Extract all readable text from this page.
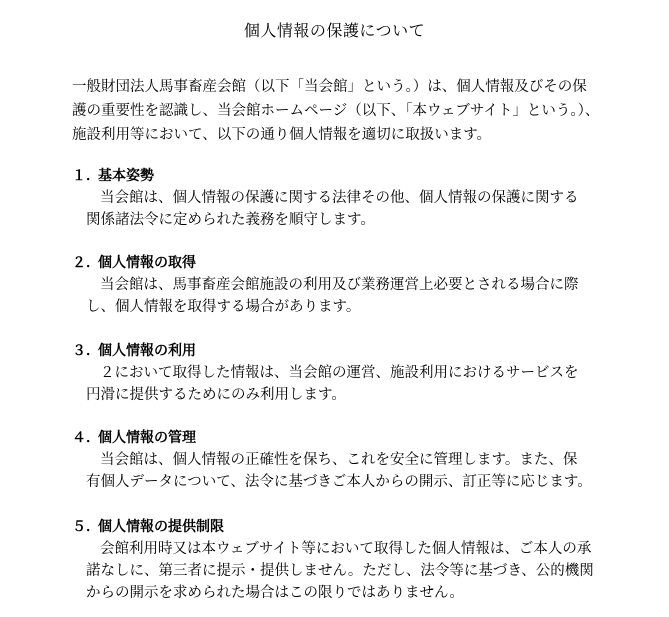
個人情報の保護について
一般財団法人馬事畜産会館（以下「当会館」という。）は、個人情報及びその保
護の重要性を認識し、当会館ホームページ（以下、「本ウェブサイト」という。）、
施設利用等において、以下の通り個人情報を適切に取扱います。
１．基本姿勢
当会館は、個人情報の保護に関する法律その他、個人情報の保護に関する
関係諸法令に定められた義務を順守します。
２．個人情報の取得
当会館は、馬事畜産会館施設の利用及び業務運営上必要とされる場合に際
し、個人情報を取得する場合があります。
３．個人情報の利用
２において取得した情報は、当会館の運営、施設利用におけるサービスを
円滑に提供するためにのみ利用します。
４．個人情報の管理
当会館は、個人情報の正確性を保ち、これを安全に管理します。また、保
有個人データについて、法令に基づきご本人からの開示、訂正等に応じます。
５．個人情報の提供制限
会館利用時又は本ウェブサイト等において取得した個人情報は、ご本人の承
諾なしに、第三者に提示・提供しません。ただし、法令等に基づき、公的機関
からの開示を求められた場合はこの限りではありません。
